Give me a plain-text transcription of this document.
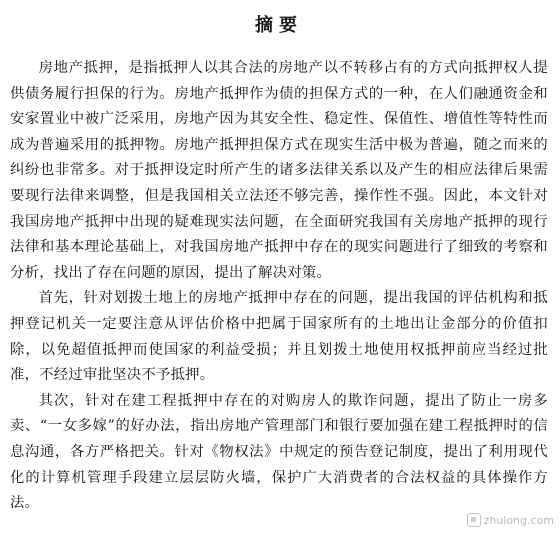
摘要

房地产抵押，是指抵押人以其合法的房地产以不转移占有的方式向抵押权人提供债务履行担保的行为。房地产抵押作为债的担保方式的一种，在人们融通资金和安家置业中被广泛采用，房地产因为其安全性、稳定性、保值性、增值性等特性而成为普遍采用的抵押物。房地产抵押担保方式在现实生活中极为普遍，随之而来的纠纷也非常多。对于抵押设定时所产生的诸多法律关系以及产生的相应法律后果需要现行法律来调整，但是我国相关立法还不够完善，操作性不强。因此，本文针对我国房地产抵押中出现的疑难现实法问题，在全面研究我国有关房地产抵押的现行法律和基本理论基础上，对我国房地产抵押中存在的现实问题进行了细致的考察和分析，找出了存在问题的原因，提出了解决对策。

首先，针对划拨土地上的房地产抵押中存在的问题，提出我国的评估机构和抵押登记机关一定要注意从评估价格中把属于国家所有的土地出让金部分的价值扣除，以免超值抵押而使国家的利益受损；并且划拨土地使用权抵押前应当经过批准，不经过审批坚决不予抵押。

其次，针对在建工程抵押中存在的对购房人的欺诈问题，提出了防止一房多卖、“一女多嫁”的好办法，指出房地产管理部门和银行要加强在建工程抵押时的信息沟通，各方严格把关。针对《物权法》中规定的预告登记制度，提出了利用现代化的计算机管理手段建立层层防火墙，保护广大消费者的合法权益的具体操作方法。

zhulong.com
